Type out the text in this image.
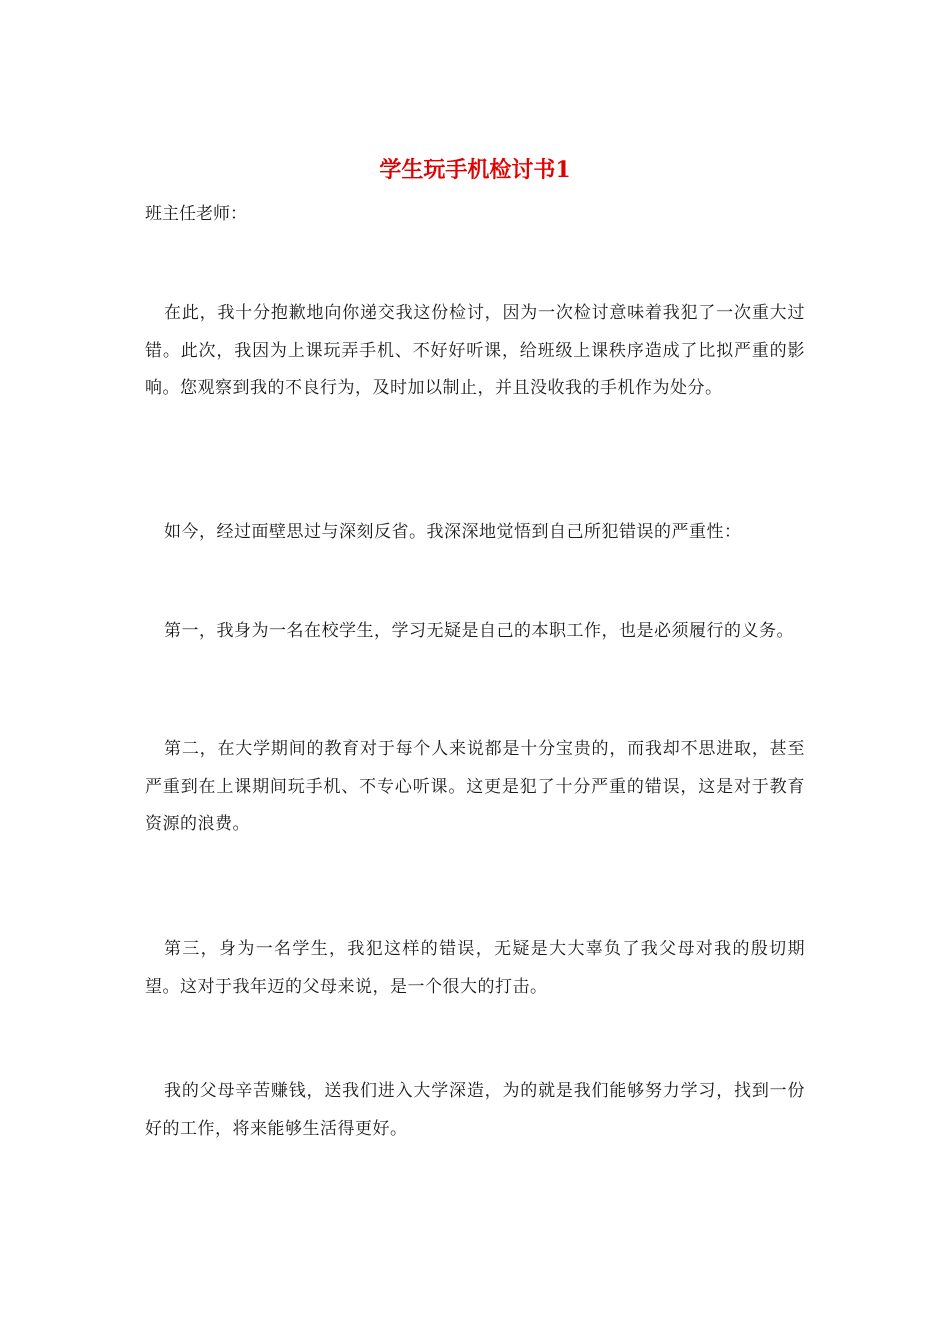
学生玩手机检讨书1

班主任老师：

在此，我十分抱歉地向你递交我这份检讨，因为一次检讨意味着我犯了一次重大过错。此次，我因为上课玩弄手机、不好好听课，给班级上课秩序造成了比拟严重的影响。您观察到我的不良行为，及时加以制止，并且没收我的手机作为处分。

如今，经过面壁思过与深刻反省。我深深地觉悟到自己所犯错误的严重性：

第一，我身为一名在校学生，学习无疑是自己的本职工作，也是必须履行的义务。

第二，在大学期间的教育对于每个人来说都是十分宝贵的，而我却不思进取，甚至严重到在上课期间玩手机、不专心听课。这更是犯了十分严重的错误，这是对于教育资源的浪费。

第三，身为一名学生，我犯这样的错误，无疑是大大辜负了我父母对我的殷切期望。这对于我年迈的父母来说，是一个很大的打击。

我的父母辛苦赚钱，送我们进入大学深造，为的就是我们能够努力学习，找到一份好的工作，将来能够生活得更好。
